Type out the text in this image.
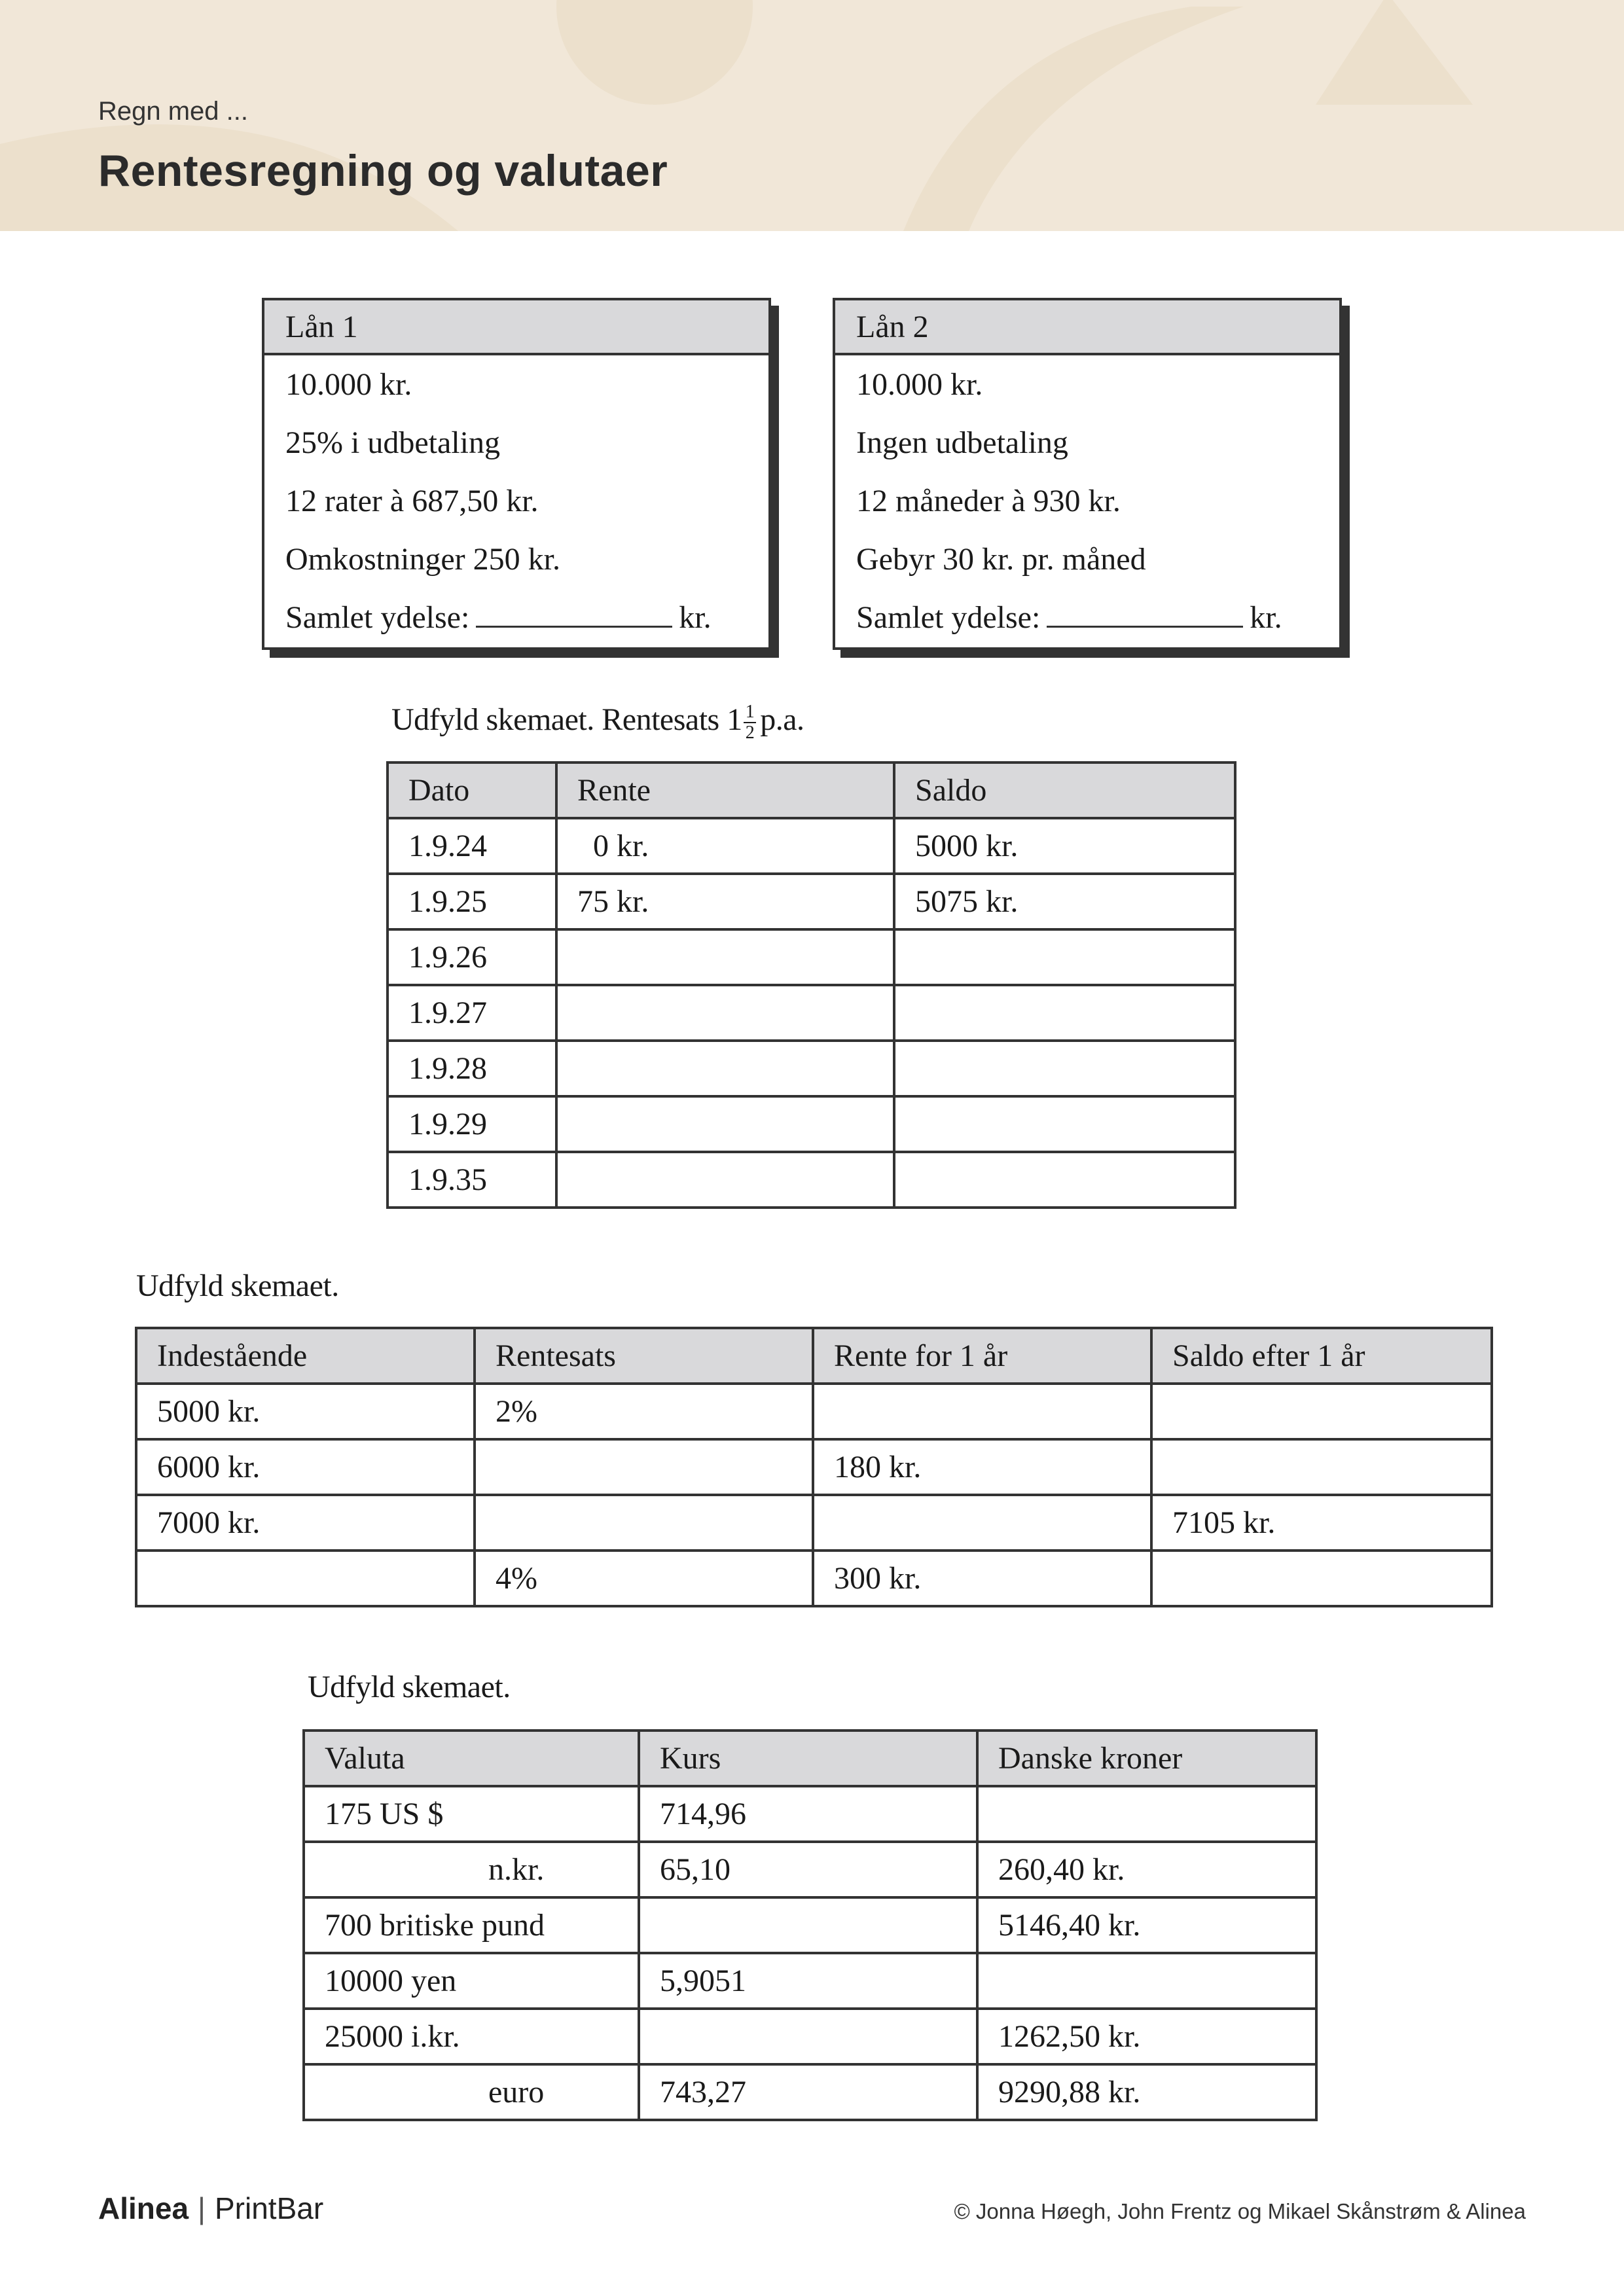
Regn med ...
Rentesregning og valutaer
Lån 1
10.000 kr.
25% i udbetaling
12 rater à 687,50 kr.
Omkostninger 250 kr.
Samlet ydelse:	kr.
Lån 2
10.000 kr.
Ingen udbetaling
12 måneder à 930 kr.
Gebyr 30 kr. pr. måned
Samlet ydelse:	kr.
Udfyld skemaet. Rentesats $1 \frac{1}{2} p.a$.
Dato	Rente	Saldo
1.9.24	0 kr.	5000 kr.
1.9.25	75 kr.	5075 kr.
1.9.26		
1.9.27		
1.9.28		
1.9.29		
1.9.35		
Udfyld skemaet.
Indestående	Rentesats	Rente for 1 år	Saldo efter 1 år
5000 kr.	2%		
6000 kr.		180 kr.	
7000 kr.			7105 kr.
	4%	300 kr.	
Udfyld skemaet.
Valuta	Kurs	Danske kroner
175 US $	714,96	
n.kr.	65,10	260,40 kr.
700 britiske pund		5146,40 kr.
10000 yen	5,9051	
25000 i.kr.		1262,50 kr.
euro	743,27	9290,88 kr.
Alinea | PrintBar	© Jonna Høegh, John Frentz og Mikael Skånstrøm & Alinea
